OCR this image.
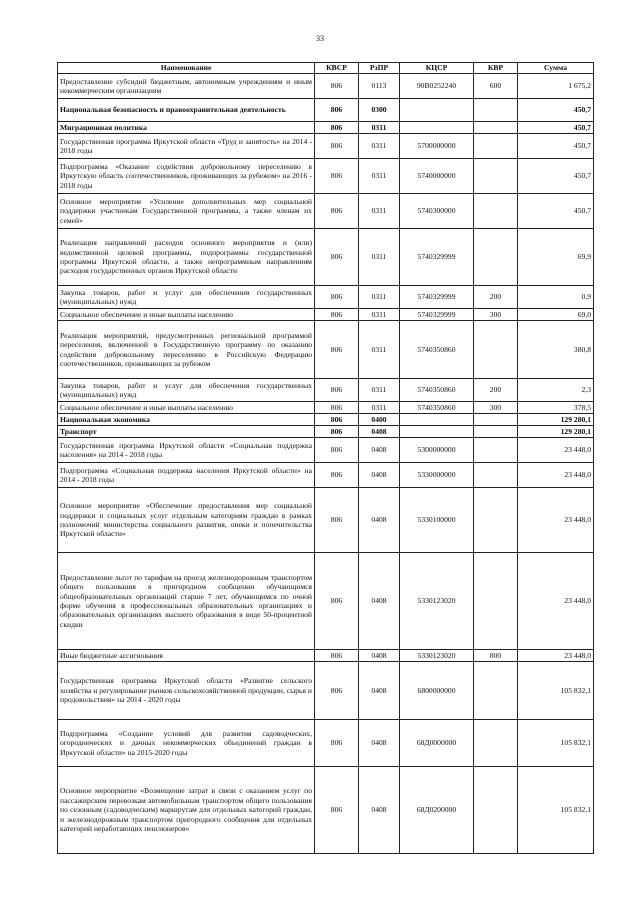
33
Наименование	КВСР	РзПР	КЦСР	КВР	Сумма
Предоставление субсидий бюджетным, автономным учреждениям и иным некоммерческим организациям	806	0113	90В0252240	600	1 675,2
Национальная безопасность и правоохранительная деятельность	806	0300			450,7
Миграционная политика	806	0311			450,7
Государственная программа Иркутской области «Труд и занятость» на 2014 - 2018 годы	806	0311	5700000000		450,7
Подпрограмма «Оказание содействия добровольному переселению в Иркутскую область соотечественников, проживающих за рубежом» на 2016 - 2018 годы	806	0311	5740000000		450,7
Основное мероприятие «Усиление дополнительных мер социальной поддержки участникам Государственной программы, а также членам их семей»	806	0311	5740300000		450,7
Реализация направлений расходов основного мероприятия и (или) ведомственной целевой программы, подпрограммы государственной программы Иркутской области, а также непрограммным направлениям расходов государственных органов Иркутской области	806	0311	5740329999		69,9
Закупка товаров, работ и услуг для обеспечения государственных (муниципальных) нужд	806	0311	5740329999	200	0,9
Социальное обеспечение и иные выплаты населению	806	0311	5740329999	300	69,0
Реализация мероприятий, предусмотренных региональной программой переселения, включенной в Государственную программу по оказанию содействия добровольному переселению в Российскую Федерацию соотечественников, проживающих за рубежом	806	0311	5740350860		380,8
Закупка товаров, работ и услуг для обеспечения государственных (муниципальных) нужд	806	0311	5740350860	200	2,3
Социальное обеспечение и иные выплаты населению	806	0311	5740350860	300	378,5
Национальная экономика	806	0400			129 280,1
Транспорт	806	0408			129 280,1
Государственная программа Иркутской области «Социальная поддержка населения» на 2014 - 2018 годы	806	0408	5300000000		23 448,0
Подпрограмма «Социальная поддержка населения Иркутской области» на 2014 - 2018 годы	806	0408	5330000000		23 448,0
Основное мероприятие «Обеспечение предоставления мер социальной поддержки и социальных услуг отдельным категориям граждан в рамках полномочий министерства социального развития, опеки и попечительства Иркутской области»	806	0408	5330100000		23 448,0
Предоставление льгот по тарифам на проезд железнодорожным транспортом общего пользования в пригородном сообщении обучающимся общеобразовательных организаций старше 7 лет, обучающимся по очной форме обучения в профессиональных образовательных организациях и образовательных организациях высшего образования в виде 50-процентной скидки	806	0408	5330123020		23 448,0
Иные бюджетные ассигнования	806	0408	5330123020	800	23 448,0
Государственная программа Иркутской области «Развитие сельского хозяйства и регулирование рынков сельскохозяйственной продукции, сырья и продовольствия» на 2014 - 2020 годы	806	0408	6800000000		105 832,1
Подпрограмма «Создание условий для развития садоводческих, огороднических и дачных некоммерческих объединений граждан в Иркутской области» на 2015-2020 годы	806	0408	68Д0000000		105 832,1
Основное мероприятие «Возмещение затрат в связи с оказанием услуг по пассажирским перевозкам автомобильным транспортом общего пользования по сезонным (садоводческим) маршрутам для отдельных категорий граждан, и железнодорожным транспортом пригородного сообщения для отдельных категорий неработающих пенсионеров»	806	0408	68Д0200000		105 832,1
